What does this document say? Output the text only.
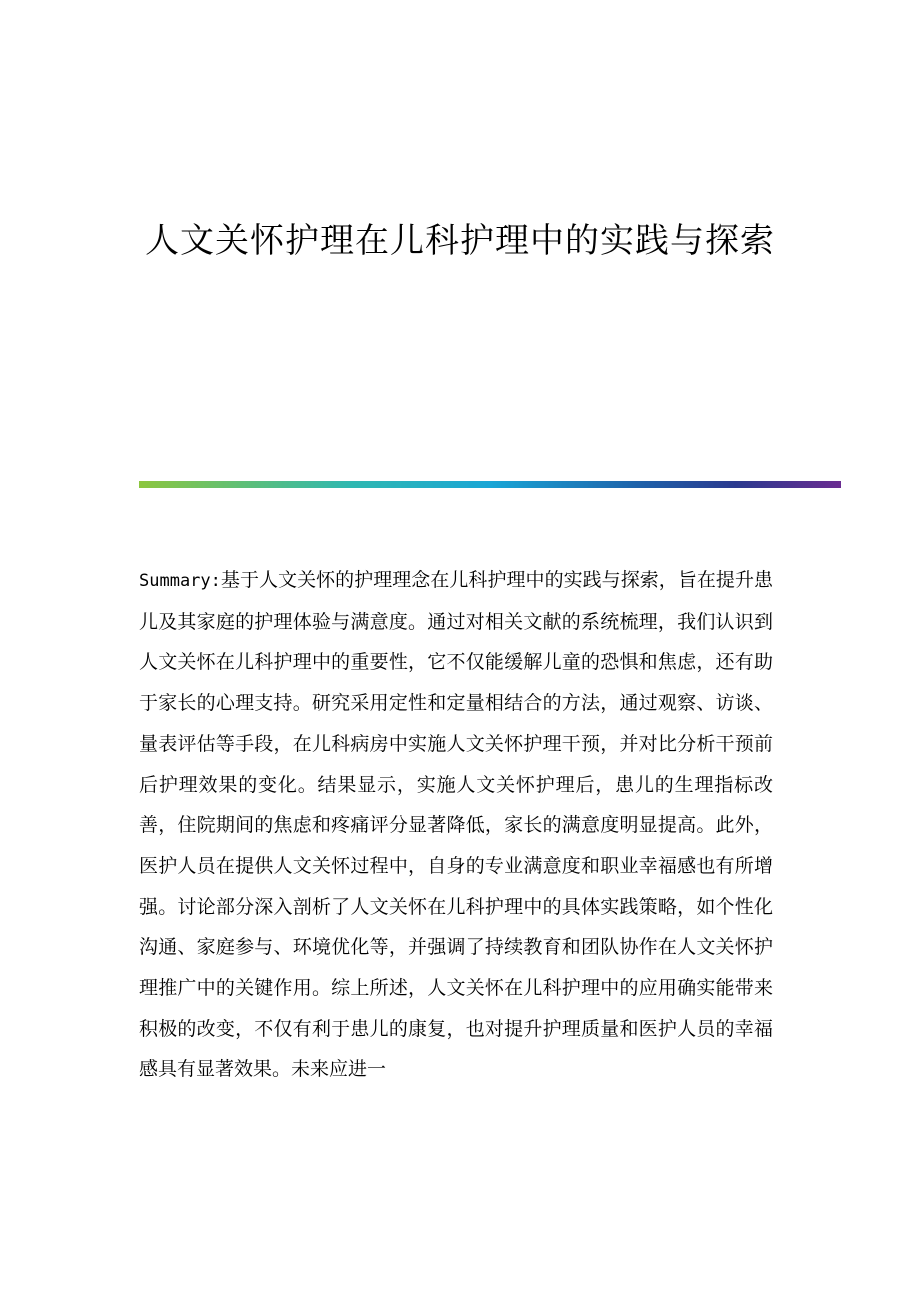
人文关怀护理在儿科护理中的实践与探索

Summary:基于人文关怀的护理理念在儿科护理中的实践与探索，旨在提升患儿及其家庭的护理体验与满意度。通过对相关文献的系统梳理，我们认识到人文关怀在儿科护理中的重要性，它不仅能缓解儿童的恐惧和焦虑，还有助于家长的心理支持。研究采用定性和定量相结合的方法，通过观察、访谈、量表评估等手段，在儿科病房中实施人文关怀护理干预，并对比分析干预前后护理效果的变化。结果显示，实施人文关怀护理后，患儿的生理指标改善，住院期间的焦虑和疼痛评分显著降低，家长的满意度明显提高。此外，医护人员在提供人文关怀过程中，自身的专业满意度和职业幸福感也有所增强。讨论部分深入剖析了人文关怀在儿科护理中的具体实践策略，如个性化沟通、家庭参与、环境优化等，并强调了持续教育和团队协作在人文关怀护理推广中的关键作用。综上所述，人文关怀在儿科护理中的应用确实能带来积极的改变，不仅有利于患儿的康复，也对提升护理质量和医护人员的幸福感具有显著效果。未来应进一
